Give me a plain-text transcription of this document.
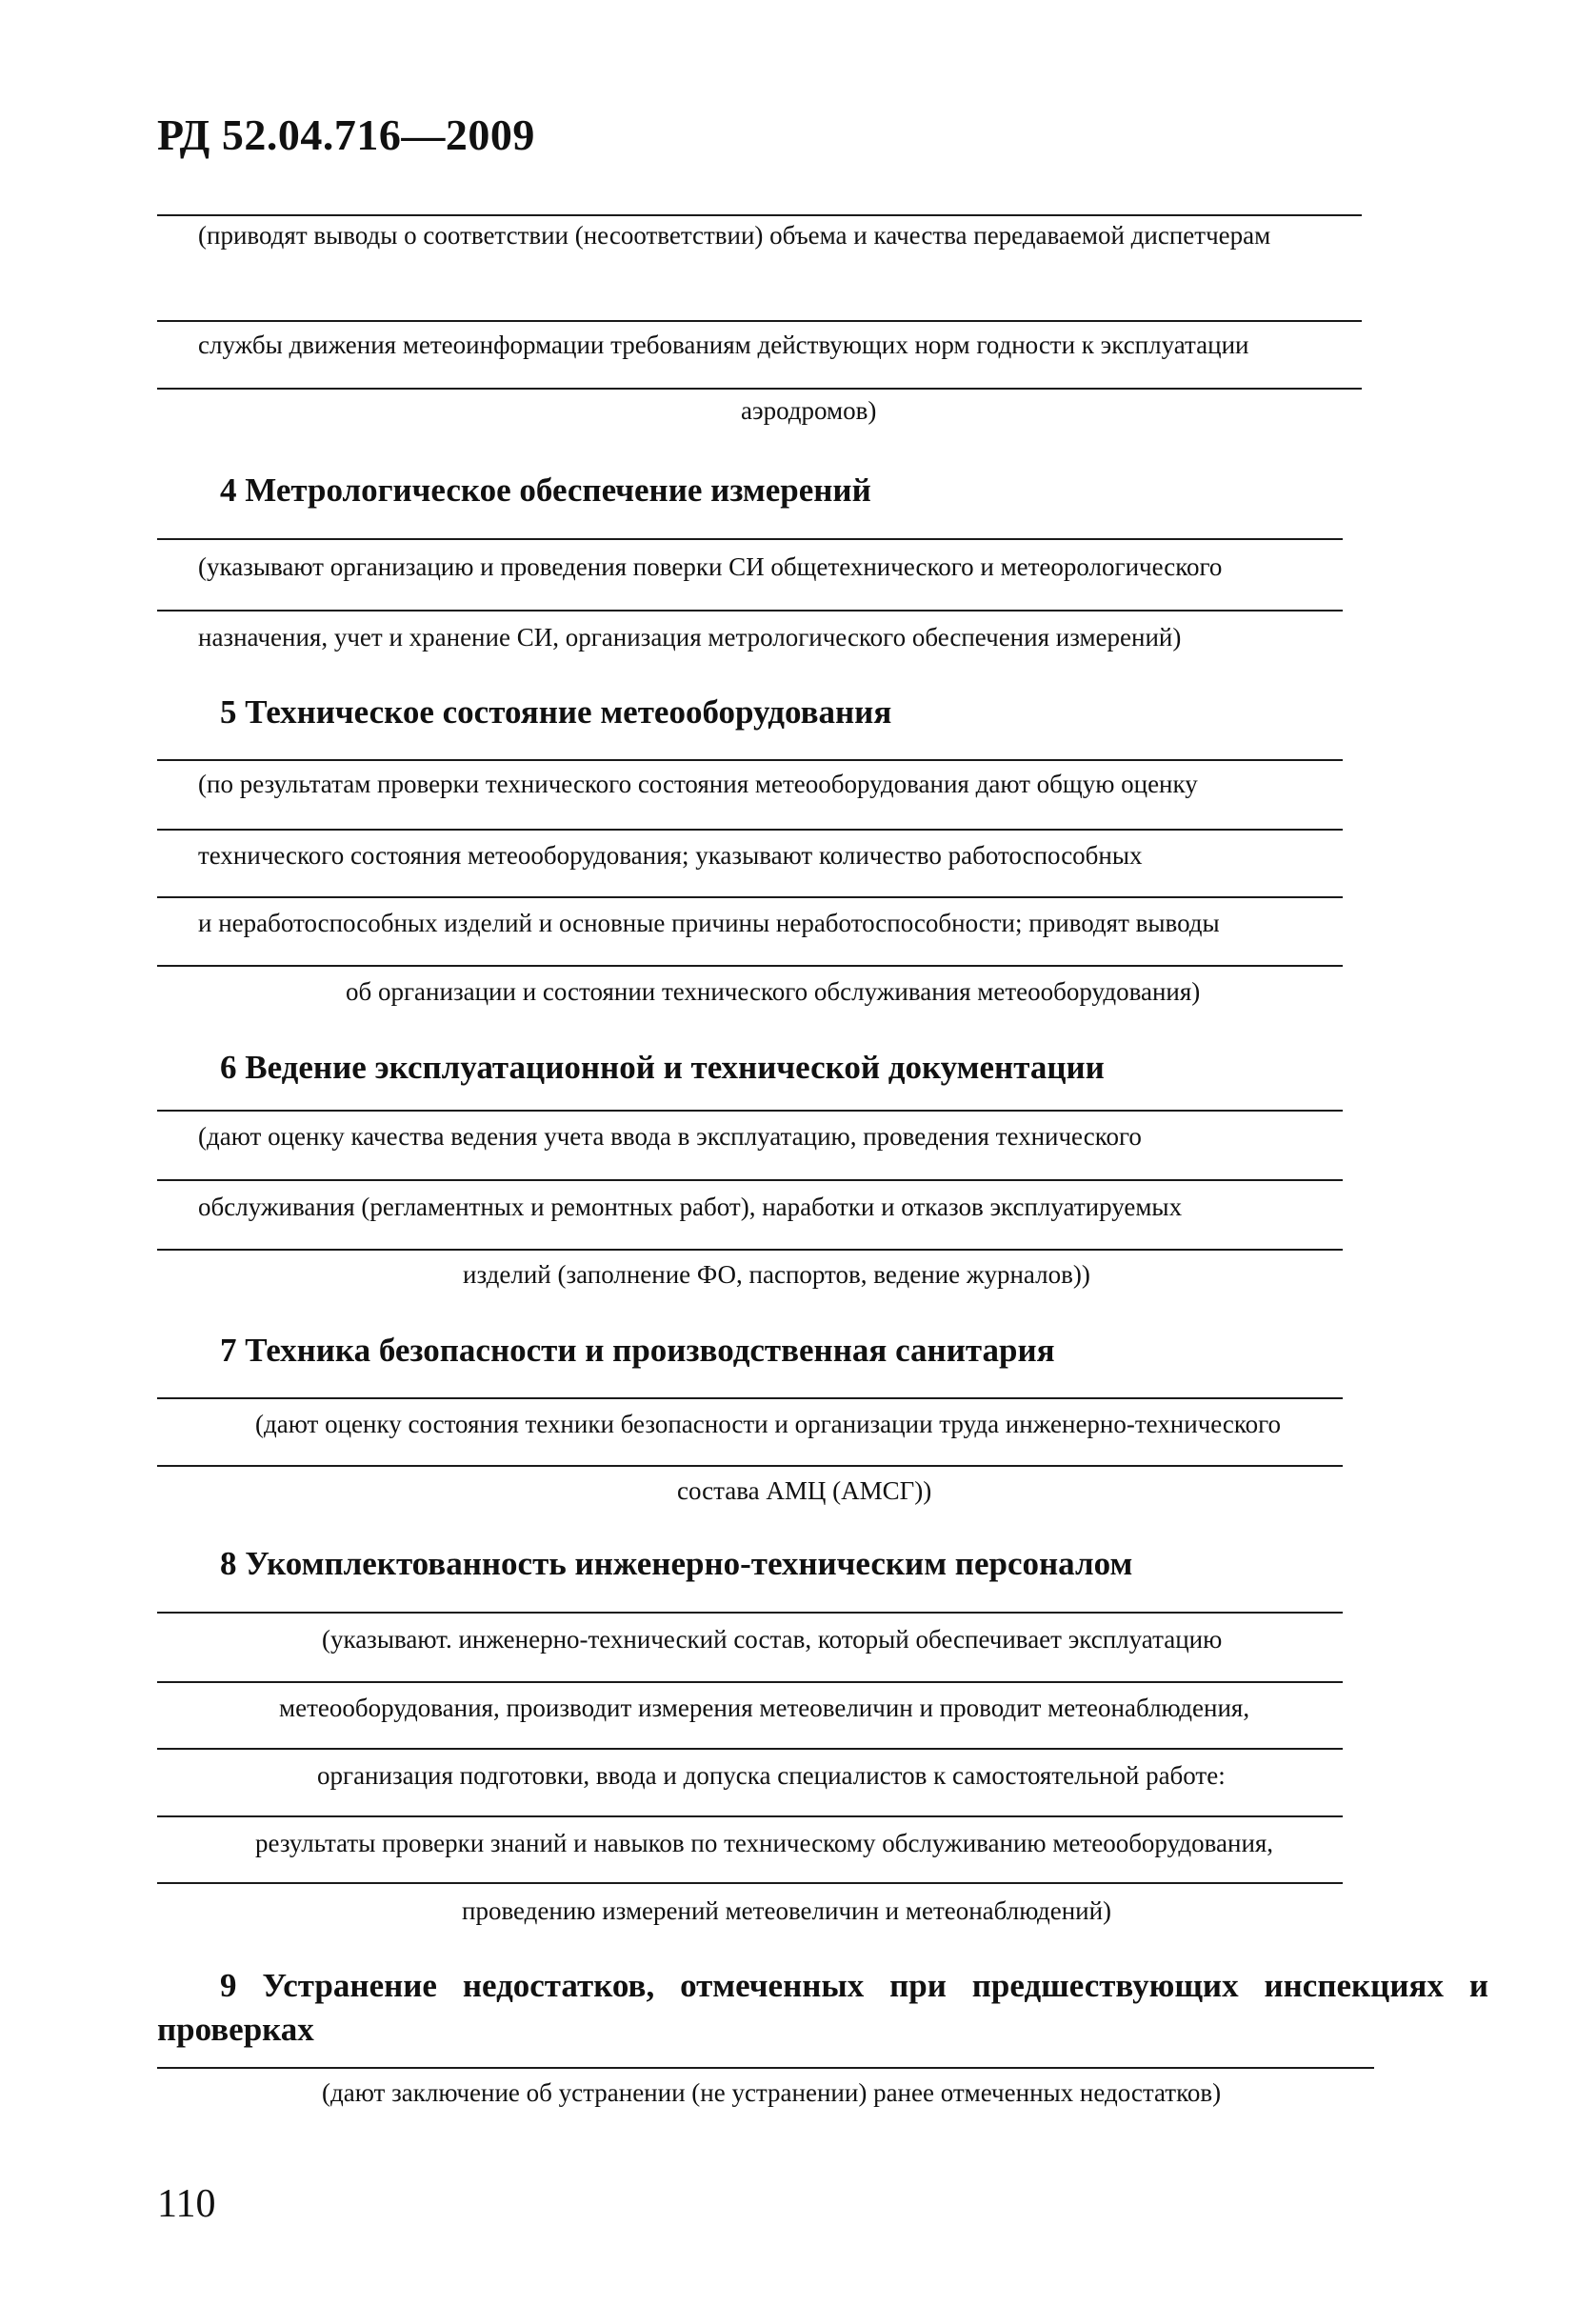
РД 52.04.716—2009
(приводят выводы о соответствии (несоответствии) объема и качества передаваемой диспетчерам
службы движения метеоинформации требованиям действующих норм годности к эксплуатации
аэродромов)
4 Метрологическое обеспечение измерений
(указывают организацию и проведения поверки СИ общетехнического и метеорологического
назначения, учет и хранение СИ, организация метрологического обеспечения измерений)
5 Техническое состояние метеооборудования
(по результатам проверки технического состояния метеооборудования дают общую оценку
технического состояния метеооборудования; указывают количество работоспособных
и неработоспособных изделий и основные причины неработоспособности; приводят выводы
об организации и состоянии технического обслуживания метеооборудования)
6 Ведение эксплуатационной и технической документации
(дают оценку качества ведения учета ввода в эксплуатацию, проведения технического
обслуживания (регламентных и ремонтных работ), наработки и отказов эксплуатируемых
изделий (заполнение ФО, паспортов, ведение журналов))
7 Техника безопасности и производственная санитария
(дают оценку состояния техники безопасности и организации труда инженерно-технического
состава АМЦ (АМСГ))
8 Укомплектованность инженерно-техническим персоналом
(указывают. инженерно-технический состав, который обеспечивает эксплуатацию
метеооборудования, производит измерения метеовеличин и проводит метеонаблюдения,
организация подготовки, ввода и допуска специалистов к самостоятельной работе:
результаты проверки знаний и навыков по техническому обслуживанию метеооборудования,
проведению измерений метеовеличин и метеонаблюдений)
9 Устранение недостатков, отмеченных при предшествующих инспекциях и
проверках
(дают заключение об устранении (не устранении) ранее отмеченных недостатков)
110
